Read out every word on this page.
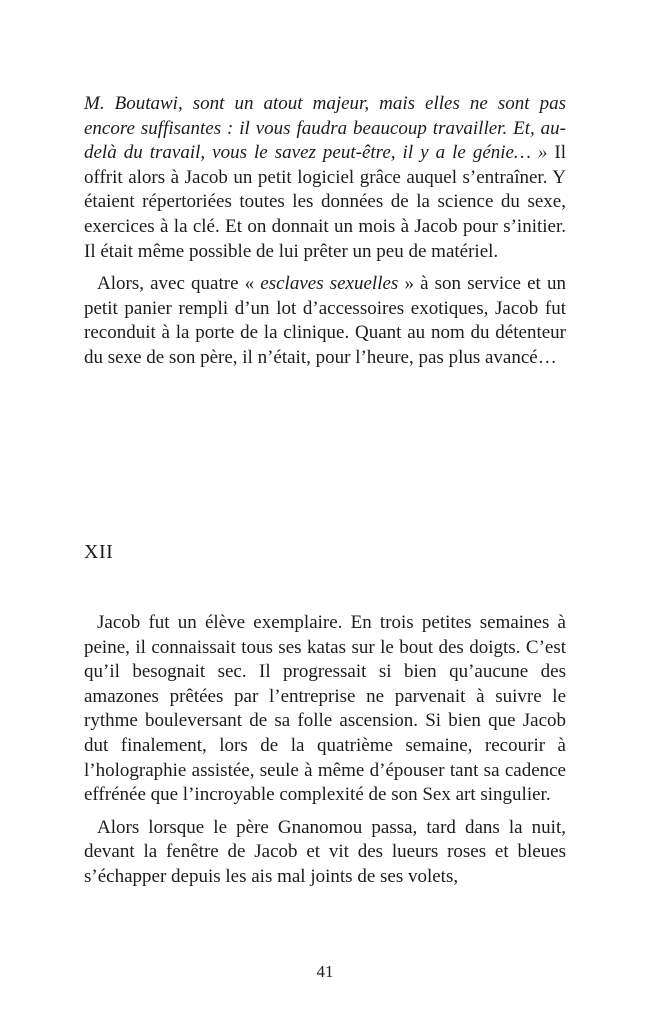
M. Boutawi, sont un atout majeur, mais elles ne sont pas encore suffisantes : il vous faudra beaucoup travailler. Et, au-delà du travail, vous le savez peut-être, il y a le génie… » Il offrit alors à Jacob un petit logiciel grâce auquel s’entraîner. Y étaient répertoriées toutes les données de la science du sexe, exercices à la clé. Et on donnait un mois à Jacob pour s’initier. Il était même possible de lui prêter un peu de matériel.

Alors, avec quatre « esclaves sexuelles » à son service et un petit panier rempli d’un lot d’accessoires exotiques, Jacob fut reconduit à la porte de la clinique. Quant au nom du détenteur du sexe de son père, il n’était, pour l’heure, pas plus avancé…

XII

Jacob fut un élève exemplaire. En trois petites semaines à peine, il connaissait tous ses katas sur le bout des doigts. C’est qu’il besognait sec. Il progressait si bien qu’aucune des amazones prêtées par l’entreprise ne parvenait à suivre le rythme bouleversant de sa folle ascension. Si bien que Jacob dut finalement, lors de la quatrième semaine, recourir à l’holographie assistée, seule à même d’épouser tant sa cadence effrénée que l’incroyable complexité de son Sex art singulier.

Alors lorsque le père Gnanomou passa, tard dans la nuit, devant la fenêtre de Jacob et vit des lueurs roses et bleues s’échapper depuis les ais mal joints de ses volets,

41
